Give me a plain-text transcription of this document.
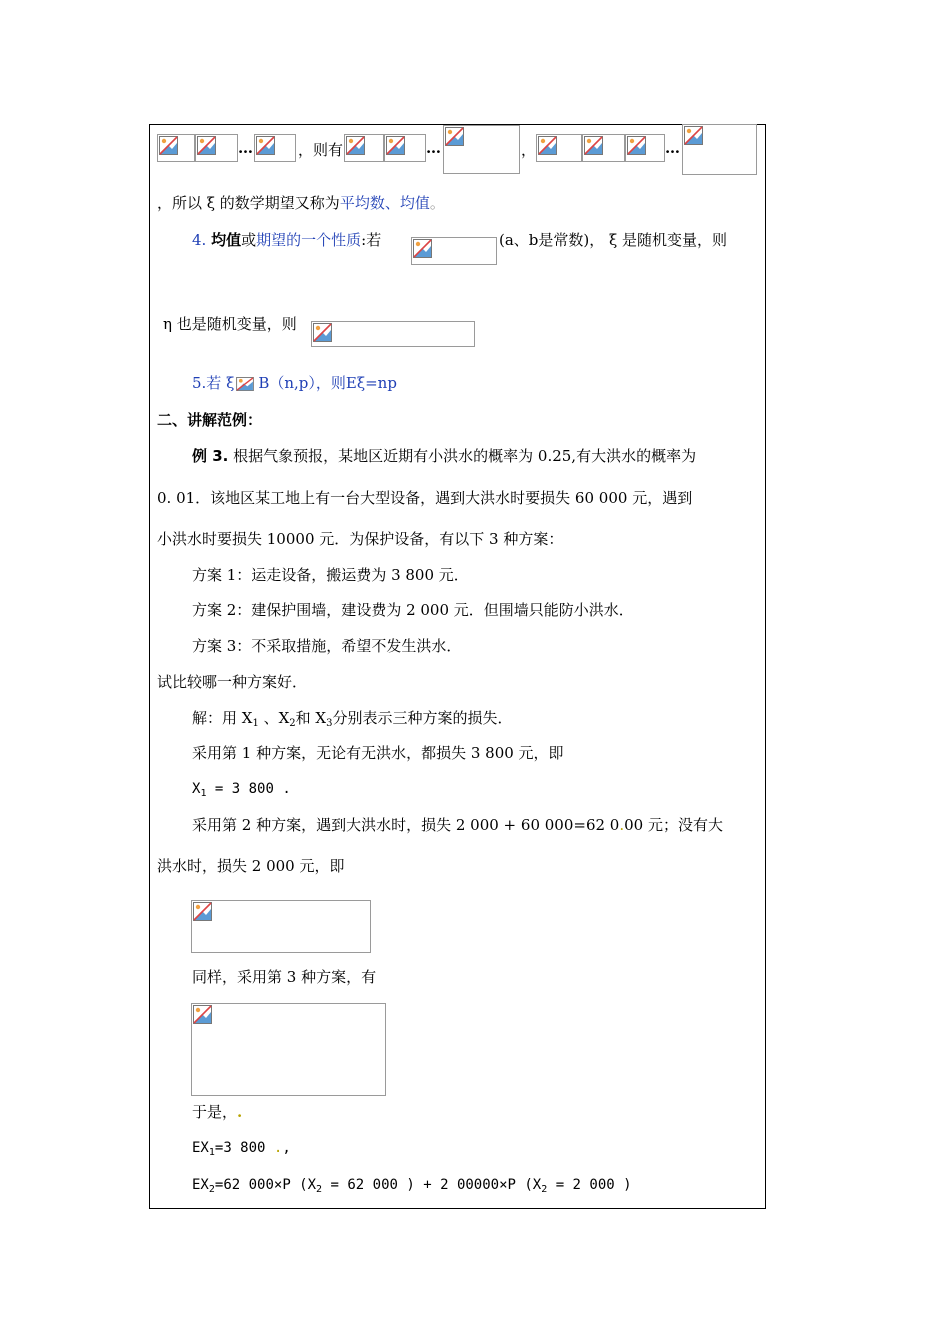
…	，则有	…	，	…
，所以 ξ 的数学期望又称为平均数、均值。
4. 均值或期望的一个性质:若	(a、b是常数)， ξ 是随机变量，则
η 也是随机变量，则
5.若 ξ B（n,p），则Eξ=np
二、讲解范例：
例 3. 根据气象预报，某地区近期有小洪水的概率为 0.25,有大洪水的概率为
0. 01．该地区某工地上有一台大型设备，遇到大洪水时要损失 60 000 元，遇到
小洪水时要损失 10000 元．为保护设备，有以下 3 种方案：
方案 1：运走设备，搬运费为 3 800 元．
方案 2：建保护围墙，建设费为 2 000 元．但围墙只能防小洪水．
方案 3：不采取措施，希望不发生洪水．
试比较哪一种方案好．
解：用 $X_1$ 、$X_2$和 $X_3$分别表示三种方案的损失．
采用第 1 种方案，无论有无洪水，都损失 3 800 元，即
$X_1 = 3$ 800 .
采用第 2 种方案，遇到大洪水时，损失 2 000 + 60 000=62 0.00 元；没有大
洪水时，损失 2 000 元，即
同样，采用第 3 种方案，有
于是，.
$EX_1=3$ 800 .,
$EX_2=62$ 000×P ($X_2 = 62$ 000 ) + 2 00000×P ($X_2 = 2$ 000 )
